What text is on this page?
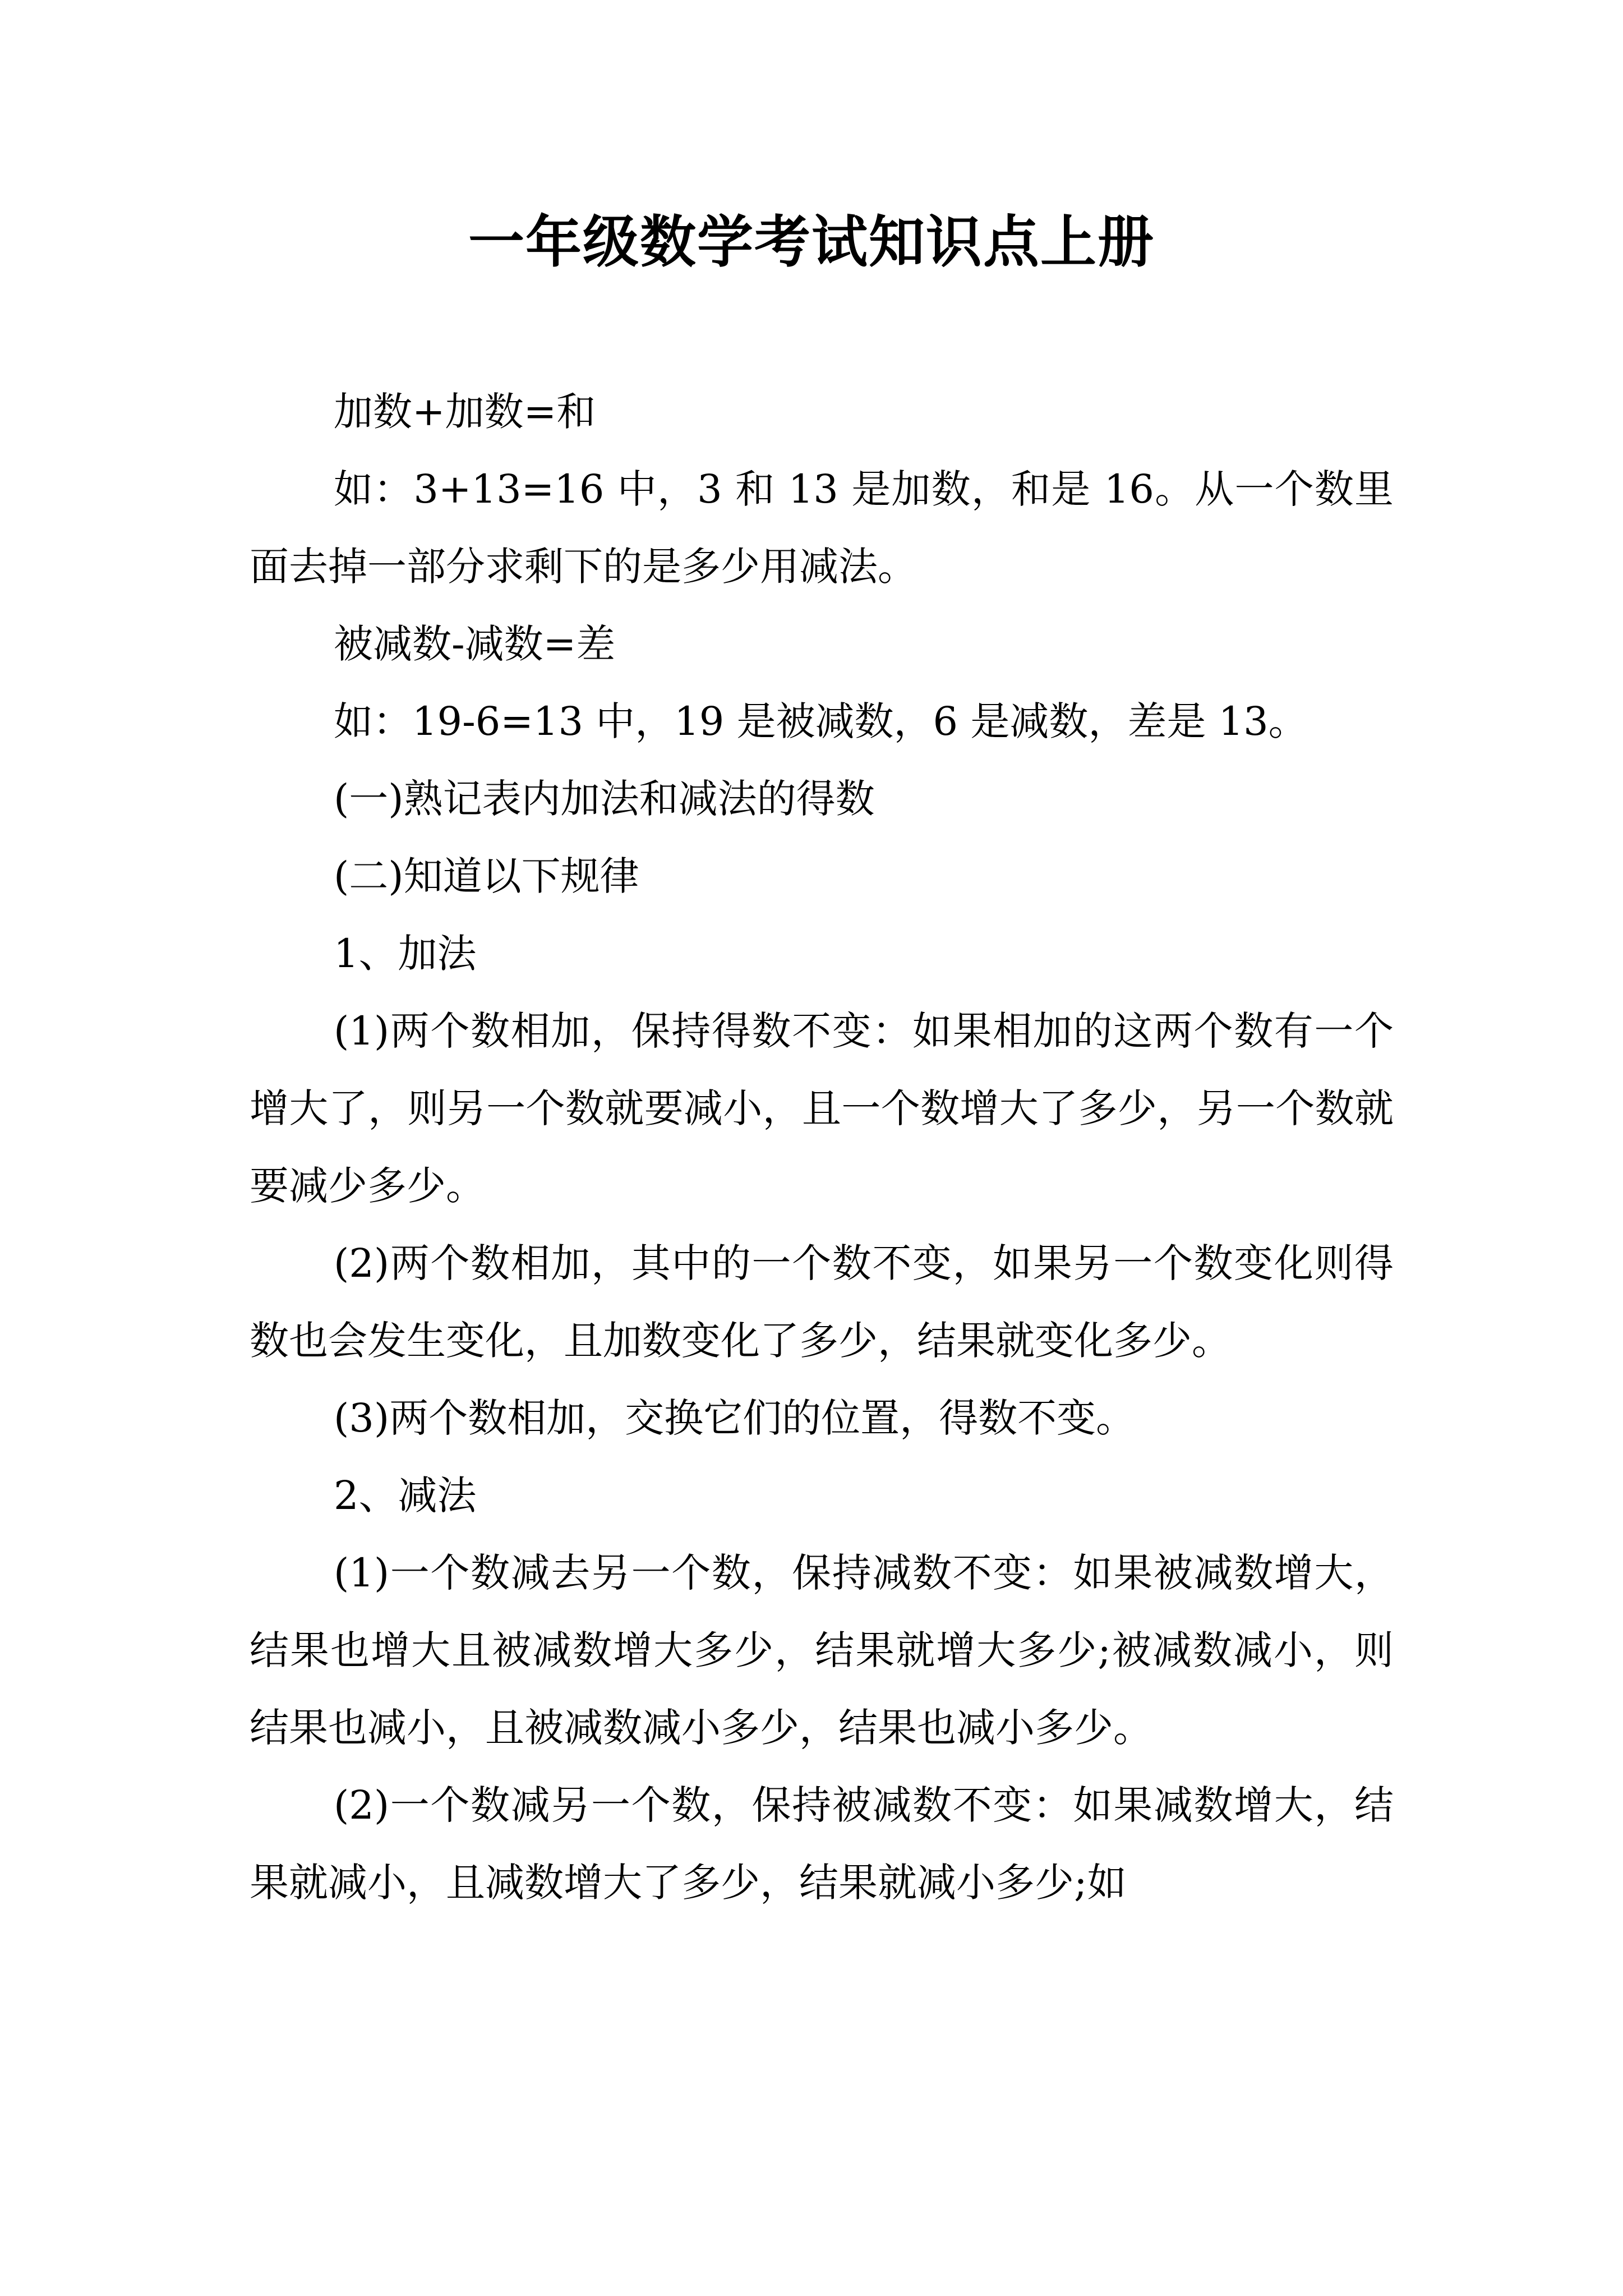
一年级数学考试知识点上册

加数+加数=和

如：3+13=16 中，3 和 13 是加数，和是 16。从一个数里面去掉一部分求剩下的是多少用减法。

被减数-减数=差

如：19-6=13 中，19 是被减数，6 是减数，差是 13。

(一)熟记表内加法和减法的得数

(二)知道以下规律

1、加法

(1)两个数相加，保持得数不变：如果相加的这两个数有一个增大了，则另一个数就要减小，且一个数增大了多少，另一个数就要减少多少。

(2)两个数相加，其中的一个数不变，如果另一个数变化则得数也会发生变化，且加数变化了多少，结果就变化多少。

(3)两个数相加，交换它们的位置，得数不变。

2、减法

(1)一个数减去另一个数，保持减数不变：如果被减数增大，结果也增大且被减数增大多少，结果就增大多少;被减数减小，则结果也减小，且被减数减小多少，结果也减小多少。

(2)一个数减另一个数，保持被减数不变：如果减数增大，结果就减小，且减数增大了多少，结果就减小多少;如
